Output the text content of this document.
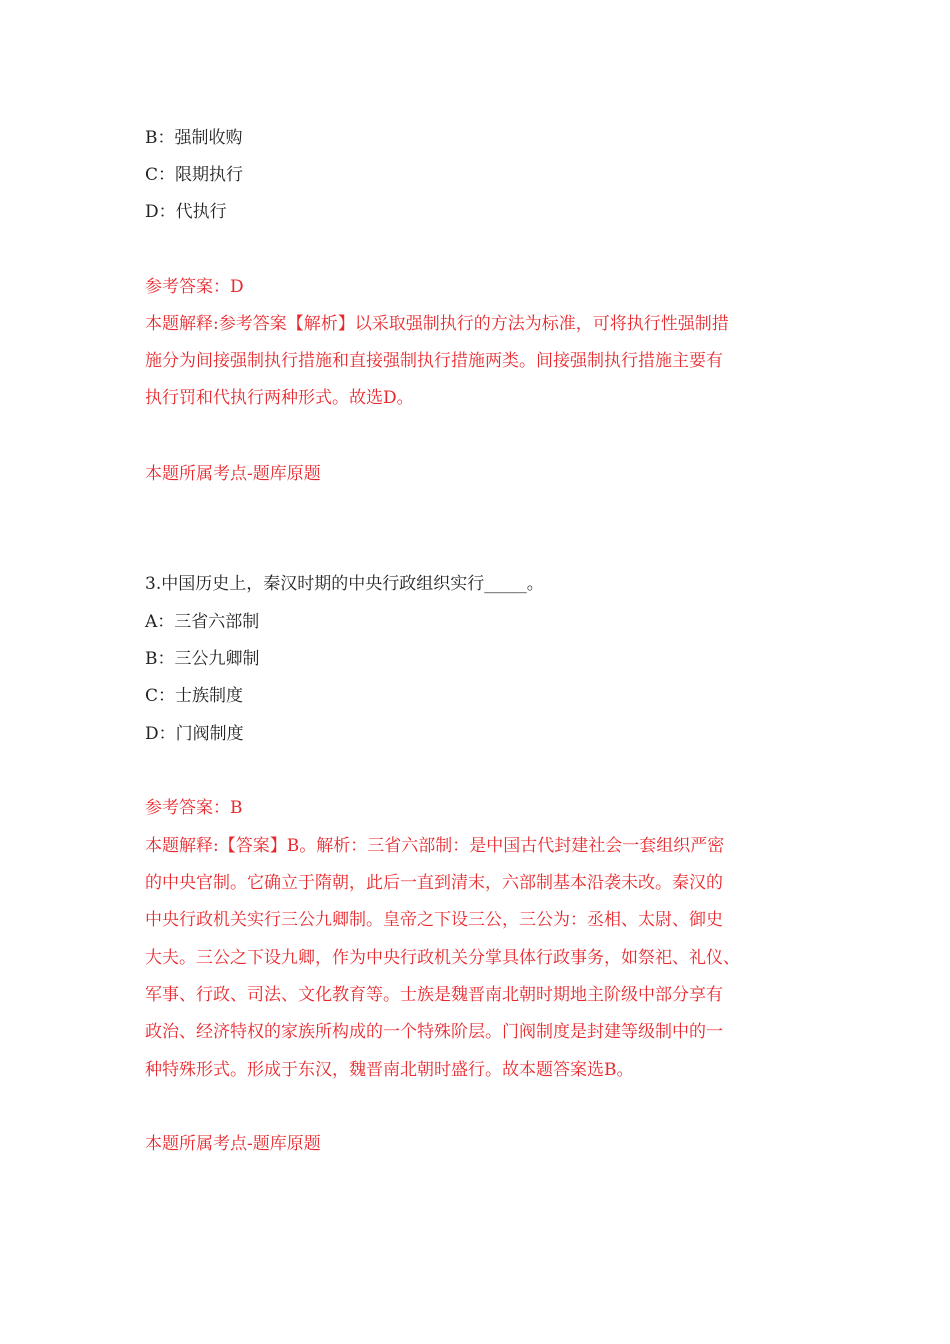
B：强制收购
C：限期执行
D：代执行
参考答案：D
本题解释:参考答案【解析】以采取强制执行的方法为标准，可将执行性强制措
施分为间接强制执行措施和直接强制执行措施两类。间接强制执行措施主要有
执行罚和代执行两种形式。故选D。
本题所属考点-题库原题
3.中国历史上，秦汉时期的中央行政组织实行_____。
A：三省六部制
B：三公九卿制
C：士族制度
D：门阀制度
参考答案：B
本题解释:【答案】B。解析：三省六部制：是中国古代封建社会一套组织严密
的中央官制。它确立于隋朝，此后一直到清末，六部制基本沿袭未改。秦汉的
中央行政机关实行三公九卿制。皇帝之下设三公，三公为：丞相、太尉、御史
大夫。三公之下设九卿，作为中央行政机关分掌具体行政事务，如祭祀、礼仪、
军事、行政、司法、文化教育等。士族是魏晋南北朝时期地主阶级中部分享有
政治、经济特权的家族所构成的一个特殊阶层。门阀制度是封建等级制中的一
种特殊形式。形成于东汉，魏晋南北朝时盛行。故本题答案选B。
本题所属考点-题库原题
